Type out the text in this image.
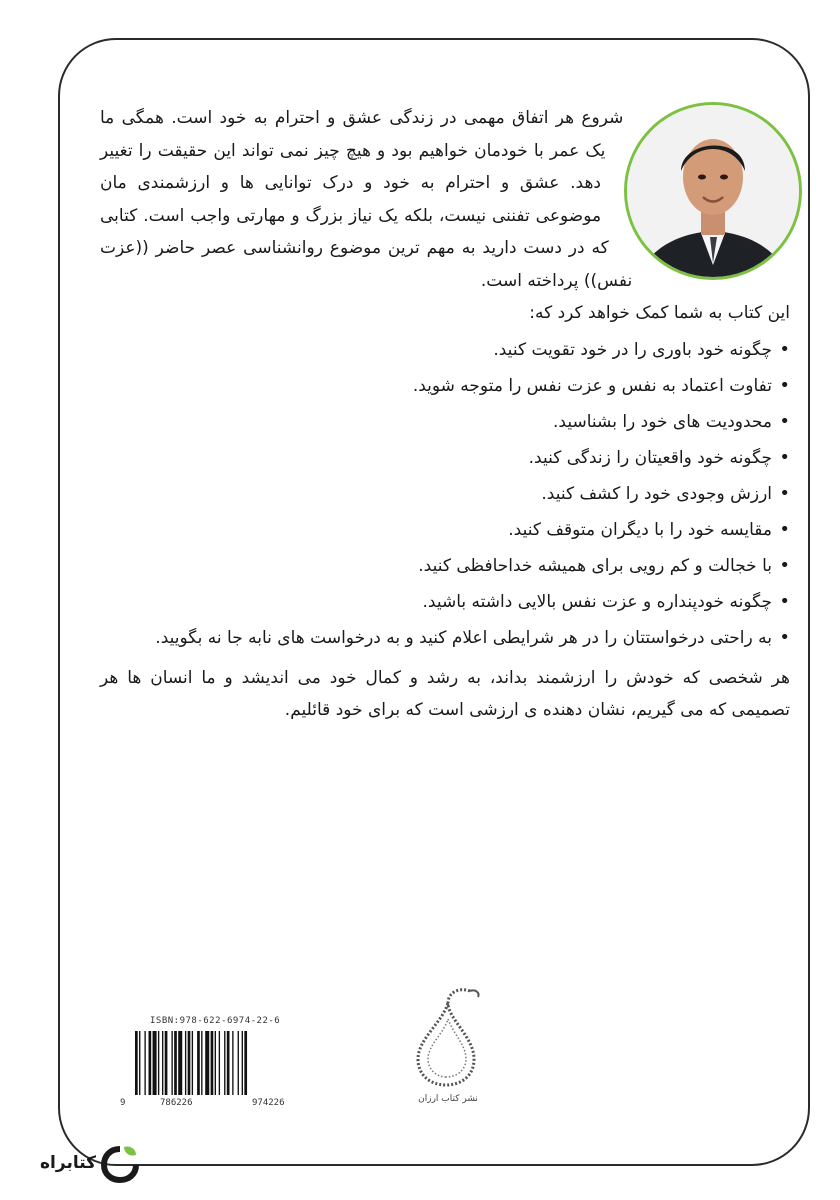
شروع هر اتفاق مهمی در زندگی عشق و احترام به خود است. همگی ما یک عمر با خودمان خواهیم بود و هیچ چیز نمی تواند این حقیقت را تغییر دهد. عشق و احترام به خود و درک توانایی ها و ارزشمندی مان موضوعی تفننی نیست، بلکه یک نیاز بزرگ و مهارتی واجب است. کتابی که در دست دارید به مهم ترین موضوع روانشناسی عصر حاضر ((عزت نفس)) پرداخته است.

این کتاب به شما کمک خواهد کرد که:

•
چگونه خود باوری را در خود تقویت کنید.
•
تفاوت اعتماد به نفس و عزت نفس را متوجه شوید.
•
محدودیت های خود را بشناسید.
•
چگونه خود واقعیتان را زندگی کنید.
•
ارزش وجودی خود را کشف کنید.
•
مقایسه خود را با دیگران متوقف کنید.
•
با خجالت و کم رویی برای همیشه خداحافظی کنید.
•
چگونه خودپنداره و عزت نفس بالایی داشته باشید.
•
به راحتی درخواستتان را در هر شرایطی اعلام کنید و به درخواست های نابه جا نه بگویید.

هر شخصی که خودش را ارزشمند بداند، به رشد و کمال خود می اندیشد و ما انسان ها هر تصمیمی که می گیریم، نشان دهنده ی ارزشی است که برای خود قائلیم.

ISBN:978-622-6974-22-6
9	786226	974226	نشر کتاب ارزان
کتابراه
